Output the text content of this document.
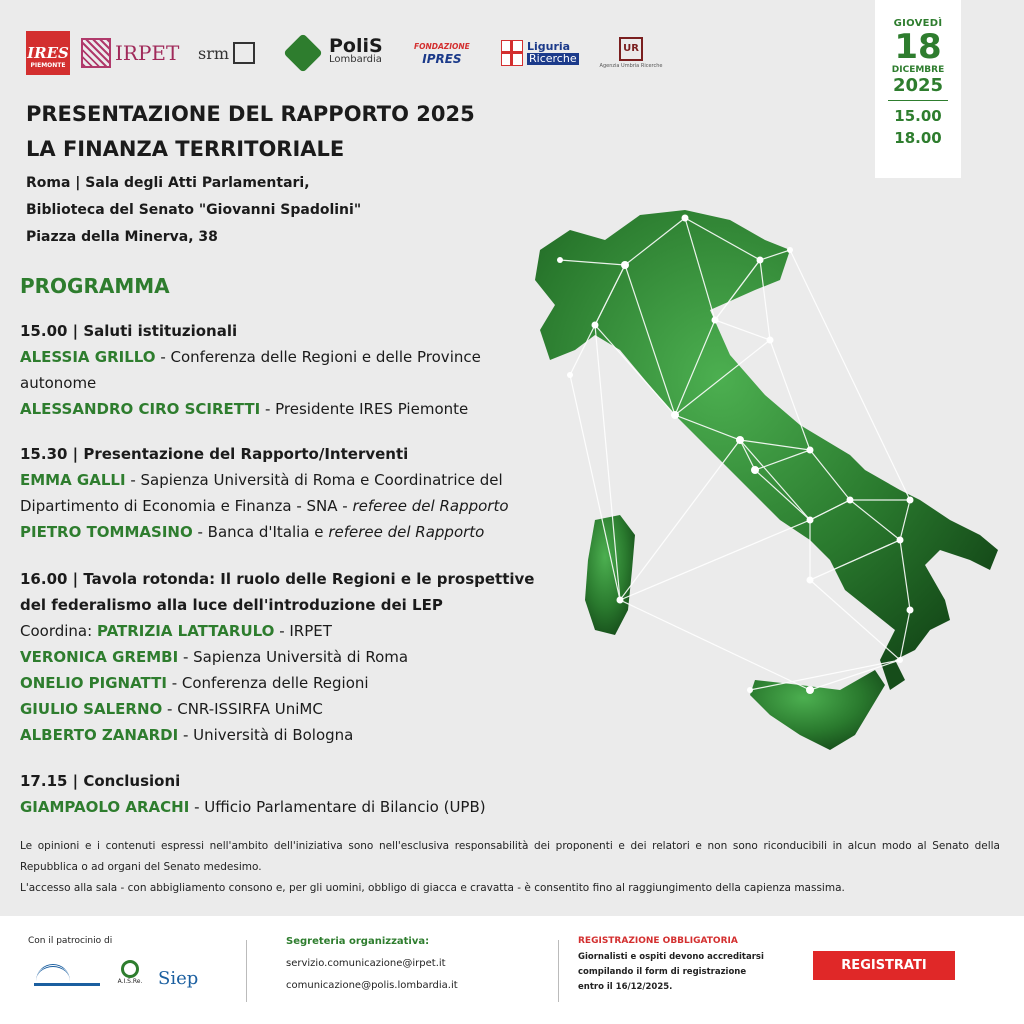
IRES
PIEMONTE
IRPET srm	PoliS
Lombardia
FONDAZIONE
IPRES
Liguria
Ricerche
UR
Agenzia Umbria Ricerche
GIOVEDÌ
18
DICEMBRE
2025
15.00
18.00
PRESENTAZIONE DEL RAPPORTO 2025
LA FINANZA TERRITORIALE
Roma | Sala degli Atti Parlamentari,
Biblioteca del Senato "Giovanni Spadolini"
Piazza della Minerva, 38
PROGRAMMA
15.00 | Saluti istituzionali
ALESSIA GRILLO - Conferenza delle Regioni e delle Province
autonome
ALESSANDRO CIRO SCIRETTI - Presidente IRES Piemonte
15.30 | Presentazione del Rapporto/Interventi
EMMA GALLI - Sapienza Università di Roma e Coordinatrice del
Dipartimento di Economia e Finanza - SNA - referee del Rapporto
PIETRO TOMMASINO - Banca d'Italia e referee del Rapporto
16.00 | Tavola rotonda: Il ruolo delle Regioni e le prospettive
del federalismo alla luce dell'introduzione dei LEP
Coordina: PATRIZIA LATTARULO - IRPET
VERONICA GREMBI - Sapienza Università di Roma
ONELIO PIGNATTI - Conferenza delle Regioni
GIULIO SALERNO - CNR-ISSIRFA UniMC
ALBERTO ZANARDI - Università di Bologna
17.15 | Conclusioni
GIAMPAOLO ARACHI - Ufficio Parlamentare di Bilancio (UPB)
Le opinioni e i contenuti espressi nell'ambito dell'iniziativa sono nell'esclusiva responsabilità dei proponenti e dei relatori e non sono riconducibili in alcun modo al Senato della Repubblica o ad organi del Senato medesimo.
L'accesso alla sala - con abbigliamento consono e, per gli uomini, obbligo di giacca e cravatta - è consentito fino al raggiungimento della capienza massima.
Con il patrocinio di
A.I.S.Re. Siep
Segreteria organizzativa:
servizio.comunicazione@irpet.it
comunicazione@polis.lombardia.it
REGISTRAZIONE OBBLIGATORIA
Giornalisti e ospiti devono accreditarsi
compilando il form di registrazione
entro il 16/12/2025.
REGISTRATI
